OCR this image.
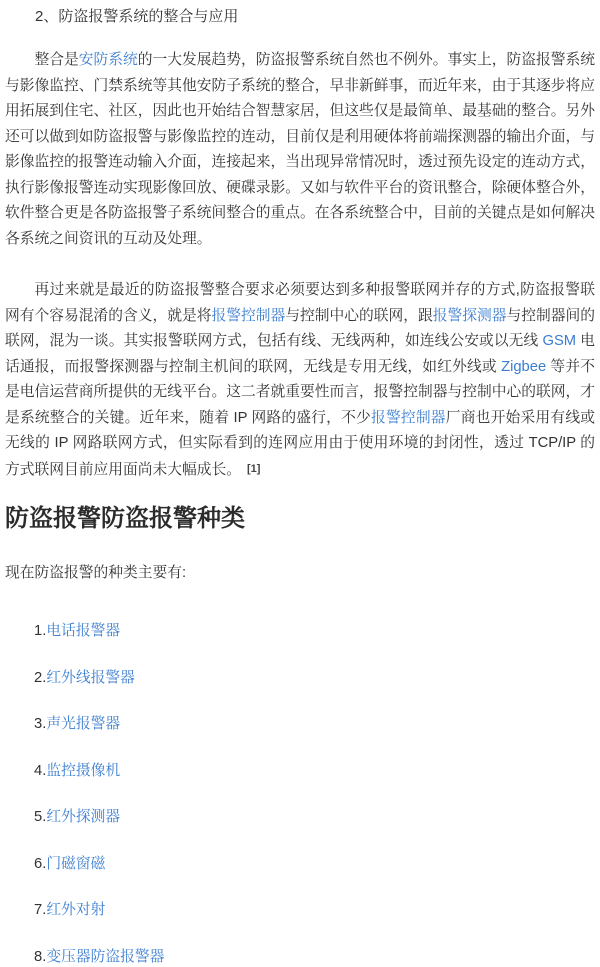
2、防盗报警系统的整合与应用

整合是安防系统的一大发展趋势，防盗报警系统自然也不例外。事实上，防盗报警系统与影像监控、门禁系统等其他安防子系统的整合，早非新鲜事，而近年来，由于其逐步将应用拓展到住宅、社区，因此也开始结合智慧家居，但这些仅是最简单、最基础的整合。另外还可以做到如防盗报警与影像监控的连动，目前仅是利用硬体将前端探测器的输出介面，与影像监控的报警连动输入介面，连接起来，当出现异常情况时，透过预先设定的连动方式，执行影像报警连动实现影像回放、硬碟录影。又如与软件平台的资讯整合，除硬体整合外，软件整合更是各防盗报警子系统间整合的重点。在各系统整合中，目前的关键点是如何解决各系统之间资讯的互动及处理。

再过来就是最近的防盗报警整合要求必须要达到多种报警联网并存的方式,防盗报警联网有个容易混淆的含义，就是将报警控制器与控制中心的联网，跟报警探测器与控制器间的联网，混为一谈。其实报警联网方式，包括有线、无线两种，如连线公安或以无线 GSM 电话通报，而报警探测器与控制主机间的联网，无线是专用无线，如红外线或 Zigbee 等并不是电信运营商所提供的无线平台。这二者就重要性而言，报警控制器与控制中心的联网，才是系统整合的关键。近年来，随着 IP 网路的盛行，不少报警控制器厂商也开始采用有线或无线的 IP 网路联网方式，但实际看到的连网应用由于使用环境的封闭性，透过 TCP/IP 的方式联网目前应用面尚未大幅成长。 [1]

防盗报警防盗报警种类
现在防盗报警的种类主要有:
1.电话报警器
2.红外线报警器
3.声光报警器
4.监控摄像机
5.红外探测器
6.门磁窗磁
7.红外对射
8.变压器防盗报警器
